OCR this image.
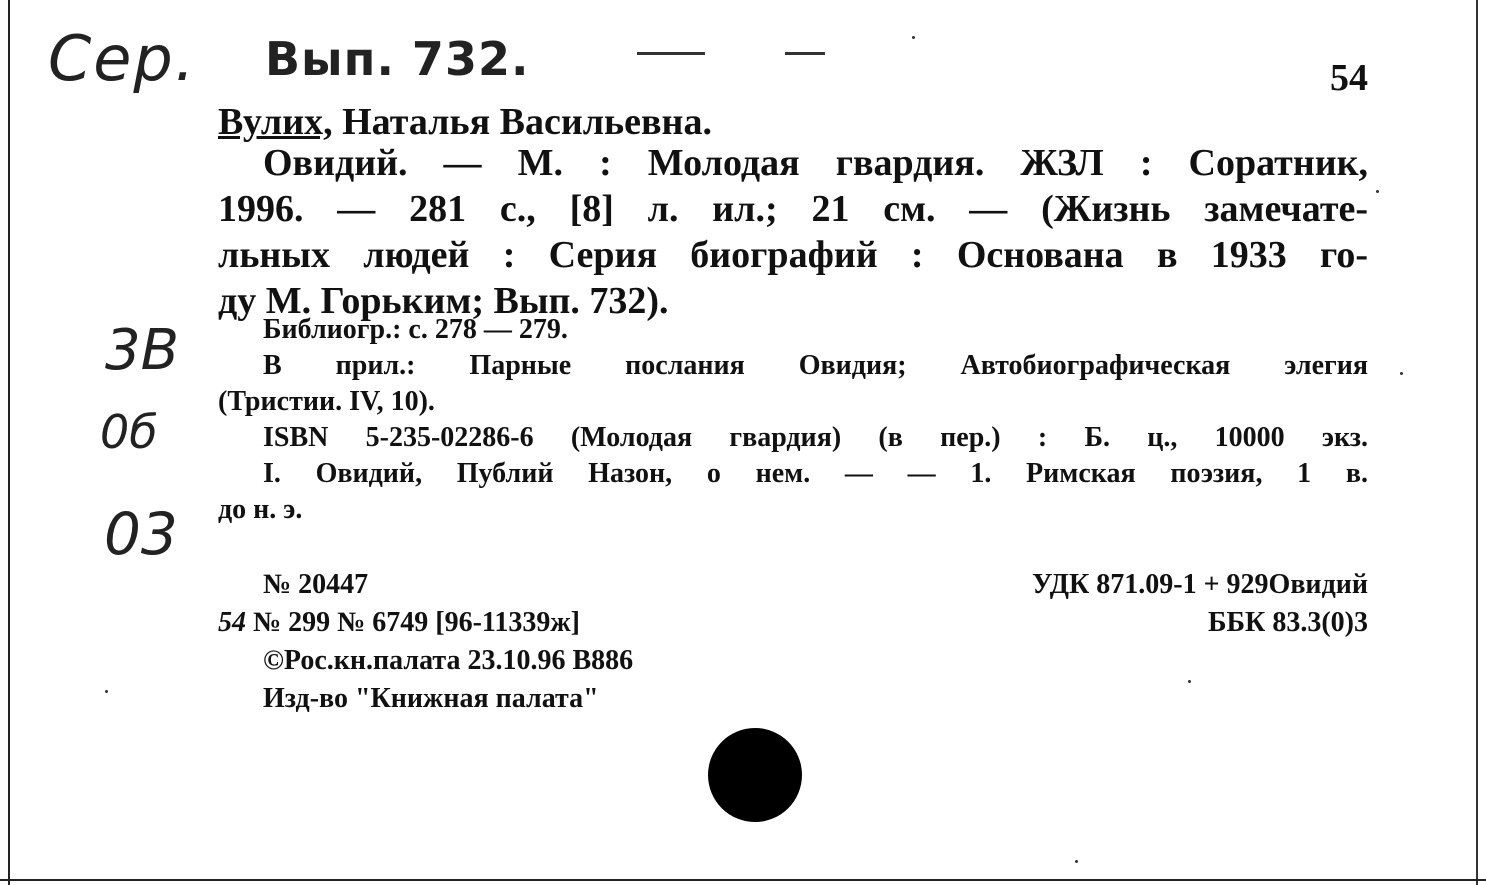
Сер. Вып. 732.	54
Вулих, Наталья Васильевна.
Овидий. — М. : Молодая гвардия. ЖЗЛ : Соратник,
1996. — 281 с., [8] л. ил.; 21 см. — (Жизнь замечате-
льных людей : Серия биографий : Основана в 1933 го-
ду М. Горьким; Вып. 732).
3В
0б
03
Библиогр.: с. 278 — 279.
В прил.: Парные послания Овидия; Автобиографическая элегия
(Тристии. IV, 10).
ISBN 5-235-02286-6 (Молодая гвардия) (в пер.) : Б. ц., 10000 экз.
I. Овидий, Публий Назон, о нем. — — 1. Римская поэзия, 1 в.
до н. э.
№ 20447
54 № 299 № 6749 [96-11339ж]
©Рос.кн.палата 23.10.96 В886
Изд-во "Книжная палата"
УДК 871.09-1 + 929Овидий
ББК 83.3(0)3
